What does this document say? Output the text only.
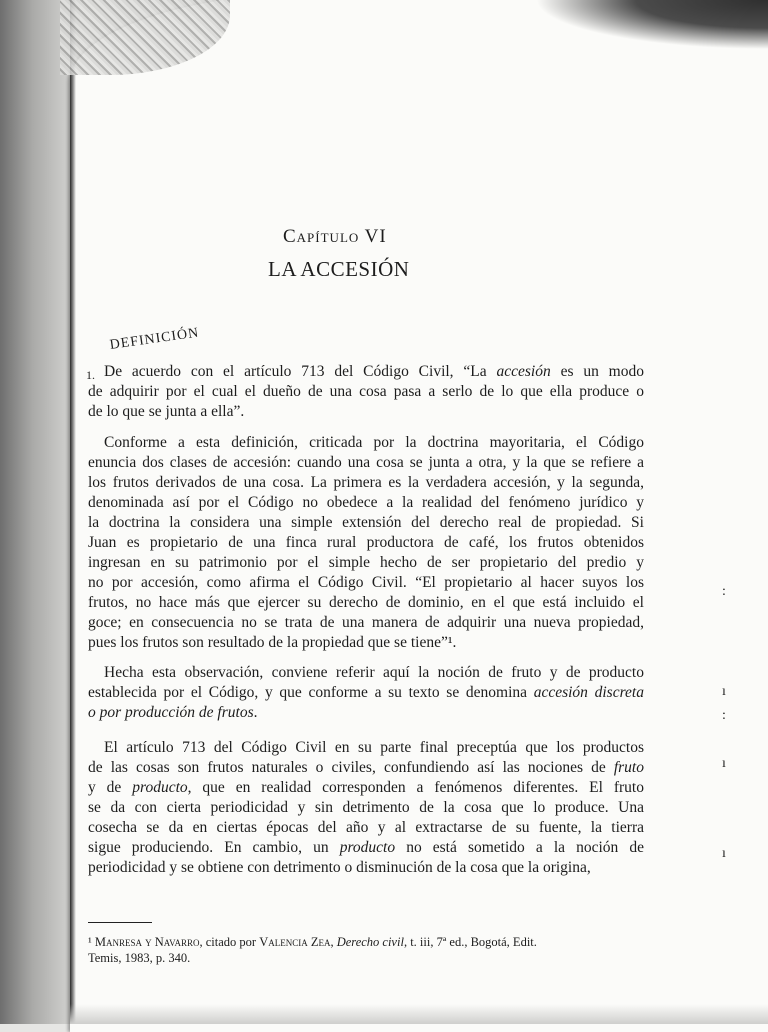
Capítulo VI
LA ACCESIÓN
DEFINICIÓN
1. De acuerdo con el artículo 713 del Código Civil, “La accesión es un modo
de adquirir por el cual el dueño de una cosa pasa a serlo de lo que ella produce o
de lo que se junta a ella”.
Conforme a esta definición, criticada por la doctrina mayoritaria, el Código
enuncia dos clases de accesión: cuando una cosa se junta a otra, y la que se refiere a
los frutos derivados de una cosa. La primera es la verdadera accesión, y la segunda,
denominada así por el Código no obedece a la realidad del fenómeno jurídico y
la doctrina la considera una simple extensión del derecho real de propiedad. Si
Juan es propietario de una finca rural productora de café, los frutos obtenidos
ingresan en su patrimonio por el simple hecho de ser propietario del predio y
no por accesión, como afirma el Código Civil. “El propietario al hacer suyos los
frutos, no hace más que ejercer su derecho de dominio, en el que está incluido el
goce; en consecuencia no se trata de una manera de adquirir una nueva propiedad,
pues los frutos son resultado de la propiedad que se tiene”¹.
Hecha esta observación, conviene referir aquí la noción de fruto y de producto
establecida por el Código, y que conforme a su texto se denomina accesión discreta
o por producción de frutos.
El artículo 713 del Código Civil en su parte final preceptúa que los productos
de las cosas son frutos naturales o civiles, confundiendo así las nociones de fruto
y de producto, que en realidad corresponden a fenómenos diferentes. El fruto
se da con cierta periodicidad y sin detrimento de la cosa que lo produce. Una
cosecha se da en ciertas épocas del año y al extractarse de su fuente, la tierra
sigue produciendo. En cambio, un producto no está sometido a la noción de
periodicidad y se obtiene con detrimento o disminución de la cosa que la origina,
¹ Manresa y Navarro, citado por Valencia Zea, Derecho civil, t. iii, 7ª ed., Bogotá, Edit.
Temis, 1983, p. 340.
:
ı
:
ı
ı
